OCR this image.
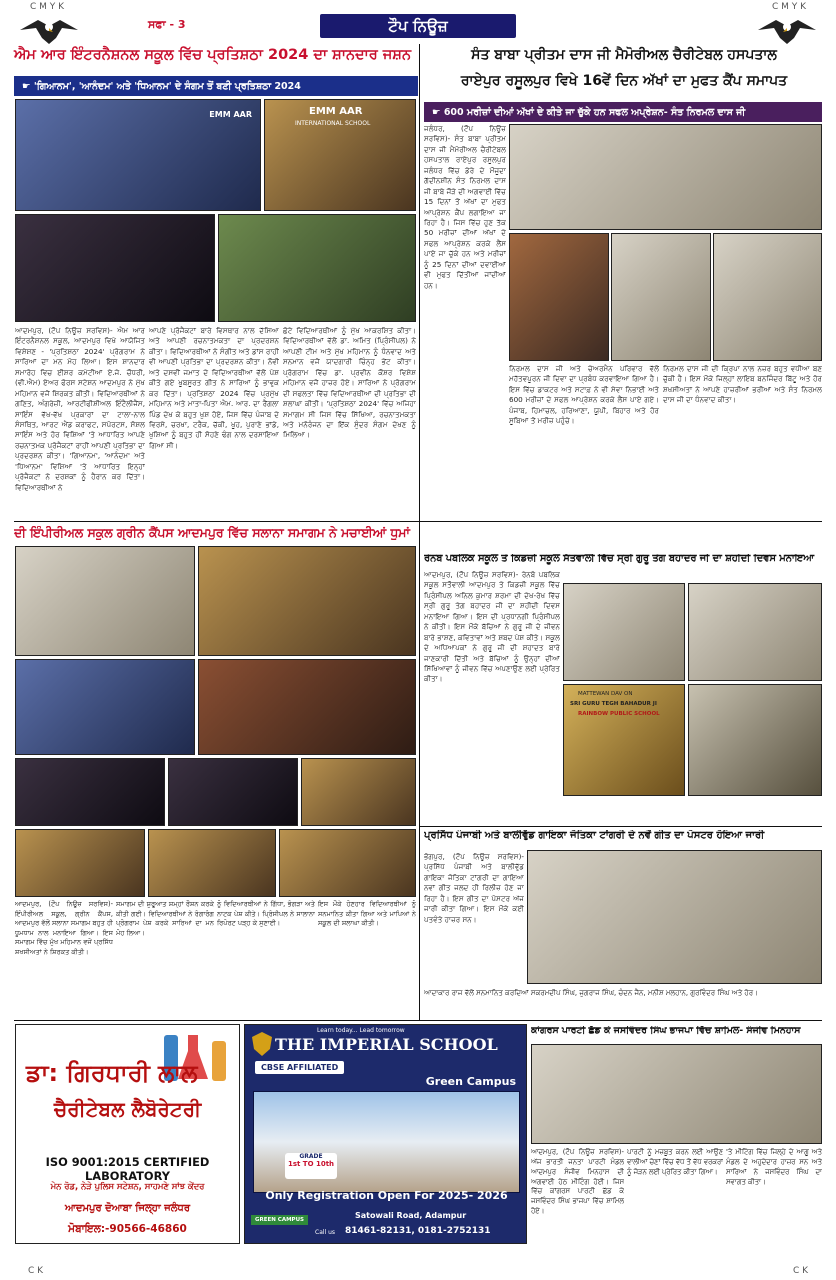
C M Y K	C M Y K
ਸਫਾ - 3	ਟੌਪ ਨਿਊਜ਼
ਐਮ ਆਰ ਇੰਟਰਨੈਸ਼ਨਲ ਸਕੂਲ ਵਿੱਚ ਪ੍ਰਤਿਸ਼ਠਾ 2024 ਦਾ ਸ਼ਾਨਦਾਰ ਜਸ਼ਨ
☛ 'ਗਿਆਨਮ', 'ਆਨੰਦਮ' ਅਤੇ 'ਧਿਆਨਮ' ਦੇ ਸੰਗਮ ਤੋਂ ਬਣੀ ਪ੍ਰਤਿਸ਼ਠਾ 2024
EMM AAR	EMM AAR
INTERNATIONAL SCHOOL
ਆਦਮਪੁਰ, (ਟੌਪ ਨਿਊਜ਼ ਸਰਵਿਸ)- ਐਮ ਆਰ ਇੰਟਰਨੈਸ਼ਨਲ ਸਕੂਲ, ਆਦਮਪੁਰ ਵਿਖੇ ਆਯੋਜਿਤ ਵਿਸ਼ੇਸ਼ਣ - 'ਪ੍ਰਤਿਸ਼ਠਾ 2024' ਪ੍ਰੋਗਰਾਮ ਨੇ ਸਾਰਿਆਂ ਦਾ ਮਨ ਮੋਹ ਲਿਆ। ਇਸ ਸ਼ਾਨਦਾਰ ਸਮਾਰੋਹ ਵਿਚ ਈਸ਼ਰ ਕਮੇਟੀਆਂ ਏ.ਜੇ. ਚੌਧਰੀ, (ਵੀ.ਐਮ) ਏਅਰ ਫੋਰਸ ਸਟੇਸ਼ਨ ਆਦਮਪੁਰ ਨੇ ਮੁੱਖ ਮਹਿਮਾਨ ਵਜੋਂ ਸ਼ਿਰਕਤ ਕੀਤੀ। ਵਿਦਿਆਰਥੀਆਂ ਨੇ ਗਣਿਤ, ਅੰਗਰੇਜ਼ੀ, ਆਰਟੀਫੀਸ਼ੀਅਲ ਇੰਟੈਲੀਜੈਂਸ, ਸਾਇੰਸ ਵੱਖ-ਵੱਖ ਪ੍ਰਕਾਰਾਂ ਦਾ ਟਾਲਾ-ਨਾਲ ਸੰਸਥਿਤ, ਆਰਟ ਐਂਡ ਕਰਾਫਟ, ਸਪੋਰਟਸ, ਸੋਸ਼ਲ ਸਾਇੰਸ ਅਤੇ ਹੋਰ ਵਿਸ਼ਿਆਂ 'ਤੇ ਆਧਾਰਿਤ ਆਪਣੇ ਰਚਨਾਤਮਕ ਪ੍ਰੋਜੈਕਟਾਂ ਰਾਹੀਂ ਆਪਣੀ ਪ੍ਰਤਿਭਾ ਦਾ ਪ੍ਰਦਰਸ਼ਨ ਕੀਤਾ। 'ਗਿਆਨਮ', 'ਆਨੰਦਮ' ਅਤੇ 'ਧਿਆਨਮ' ਵਿਸ਼ਿਆਂ 'ਤੇ ਆਧਾਰਿਤ ਇਨ੍ਹਾਂ ਪ੍ਰੋਜੈਕਟਾਂ ਨੇ ਦਰਸ਼ਕਾਂ ਨੂੰ ਹੈਰਾਨ ਕਰ ਦਿੱਤਾ। ਵਿਦਿਆਰਥੀਆਂ ਨੇ
ਆਪਣੇ ਪ੍ਰੋਜੈਕਟਾਂ ਬਾਰੇ ਵਿਸਥਾਰ ਨਾਲ ਦੱਸਿਆ ਅਤੇ ਆਪਣੀ ਰਚਨਾਤਮਕਤਾ ਦਾ ਪ੍ਰਦਰਸ਼ਨ ਕੀਤਾ। ਵਿਦਿਆਰਥੀਆਂ ਨੇ ਸੰਗੀਤ ਅਤੇ ਡਾਂਸ ਰਾਹੀਂ ਵੀ ਆਪਣੀ ਪ੍ਰਤਿਭਾ ਦਾ ਪ੍ਰਦਰਸ਼ਨ ਕੀਤਾ। ਨੌਵੀਂ ਅਤੇ ਦਸਵੀਂ ਜਮਾਤ ਦੇ ਵਿਦਿਆਰਥੀਆਂ ਵੱਲੋਂ ਪੇਸ਼ ਕੀਤੇ ਗਏ ਖੂਬਸੂਰਤ ਗੀਤ ਨੇ ਸਾਰਿਆਂ ਨੂੰ ਭਾਵੁਕ ਕਰ ਦਿੱਤਾ। ਪ੍ਰਤਿਸ਼ਠਾ 2024 ਵਿੱਚ ਪ੍ਰਮੁੱਖ ਮਹਿਮਾਨ ਅਤੇ ਮਾਤਾ-ਪਿਤਾ ਐਮ. ਆਰ. ਦਾ ਰੈਂਗਲਾ ਪਿੰਡ ਦੇਖ ਕੇ ਬਹੁਤ ਖੁਸ਼ ਹੋਏ, ਜਿਸ ਵਿੱਚ ਪੰਜਾਬ ਦੇ ਵਿਰਸੇ, ਚਰਖਾ, ਟਰੈਕ, ਚੱਕੀ, ਖੂਹ, ਪੁਰਾਣੇ ਭਾਂਡੇ, ਖੁਸ਼ਿਆਂ ਨੂੰ ਬਹੁਤ ਹੀ ਸੋਹਣੇ ਢੰਗ ਨਾਲ ਦਰਸਾਇਆ ਗਿਆ ਸੀ।
ਛੋਟੇ ਵਿਦਿਆਰਥੀਆਂ ਨੂੰ ਮੁੱਖ ਆਕਰਸ਼ਿਤ ਕੀਤਾ। ਵਿਦਿਆਰਥੀਆਂ ਵੱਲੋਂ ਡਾ. ਅਮਿਤ (ਪ੍ਰਿੰਸੀਪਲ) ਨੇ ਆਪਣੀ ਟੀਮ ਅਤੇ ਮੁੱਖ ਮਹਿਮਾਨ ਨੂੰ ਧੰਨਵਾਦ ਅਤੇ ਸਨਮਾਨ ਵਜੋਂ ਯਾਦਗਾਰੀ ਚਿੰਨ੍ਹ ਭੇਂਟ ਕੀਤਾ। ਪ੍ਰੋਗਰਾਮ ਵਿੱਚ ਡਾ. ਪ੍ਰਵੀਨ ਕੌਸ਼ਰ ਵਿਸ਼ੇਸ਼ ਮਹਿਮਾਨ ਵਜੋਂ ਹਾਜ਼ਰ ਹੋਏ। ਸਾਰਿਆਂ ਨੇ ਪ੍ਰੋਗਰਾਮ ਦੀ ਸਫਲਤਾ ਵਿੱਚ ਵਿਦਿਆਰਥੀਆਂ ਦੀ ਪ੍ਰਤਿਭਾ ਦੀ ਸ਼ਲਾਘਾ ਕੀਤੀ। 'ਪ੍ਰਤਿਸ਼ਠਾ 2024' ਵਿੱਚ ਅਜਿਹਾ ਸਮਾਗਮ ਸੀ ਜਿਸ ਵਿੱਚ ਸਿੱਖਿਆ, ਰਚਨਾਤਮਕਤਾ ਅਤੇ ਮਨੋਰੰਜਨ ਦਾ ਇੱਕ ਸੁੰਦਰ ਸੰਗਮ ਦੇਖਣ ਨੂੰ ਮਿਲਿਆ।
ਸੰਤ ਬਾਬਾ ਪ੍ਰੀਤਮ ਦਾਸ ਜੀ ਮੈਮੋਰੀਅਲ ਚੈਰੀਟੇਬਲ ਹਸਪਤਾਲ
ਰਾਏਪੁਰ ਰਸੂਲਪੁਰ ਵਿਖੇ 16ਵੇਂ ਦਿਨ ਅੱਖਾਂ ਦਾ ਮੁਫਤ ਕੈਂਪ ਸਮਾਪਤ
☛ 600 ਮਰੀਜ਼ਾਂ ਦੀਆਂ ਅੱਖਾਂ ਦੇ ਕੀਤੇ ਜਾ ਚੁੱਕੇ ਹਨ ਸਫਲ ਅਪ੍ਰੇਸ਼ਨ- ਸੰਤ ਨਿਰਮਲ ਦਾਸ ਜੀ
ਜਲੰਧਰ, (ਟੌਪ ਨਿਊਜ਼ ਸਰਵਿਸ)- ਸੰਤ ਬਾਬਾ ਪ੍ਰੀਤਮ ਦਾਸ ਜੀ ਮੈਮੋਰੀਅਲ ਚੈਰੀਟੇਬਲ ਹਸਪਤਾਲ ਰਾਏਪੁਰ ਰਸੂਲਪੁਰ ਜਲੰਧਰ ਵਿੱਚ ਡੇਰੇ ਦੇ ਮੌਜੂਦਾ ਗੱਦੀਨਸ਼ੀਨ ਸੰਤ ਨਿਰਮਲ ਦਾਸ ਜੀ ਬਾਬੇ ਜੌੜੇ ਦੀ ਅਗਵਾਈ ਵਿੱਚ 15 ਦਿਨਾਂ ਤੋਂ ਅੱਖਾਂ ਦਾ ਮੁਫਤ ਆਪ੍ਰੇਸ਼ਨ ਕੈਂਪ ਲਗਾਇਆ ਜਾ ਰਿਹਾ ਹੈ। ਜਿਸ ਵਿੱਚ ਹੁਣ ਤੱਕ 50 ਮਰੀਜ਼ਾਂ ਦੀਆਂ ਅੱਖਾਂ ਦੇ ਸਫਲ ਆਪ੍ਰੇਸ਼ਨ ਕਰਕੇ ਲੈਂਸ ਪਾਏ ਜਾ ਚੁੱਕੇ ਹਨ ਅਤੇ ਮਰੀਜ਼ਾਂ ਨੂੰ 25 ਦਿਨਾਂ ਦੀਆਂ ਦਵਾਈਆਂ ਵੀ ਮੁਫਤ ਦਿੱਤੀਆਂ ਜਾਂਦੀਆਂ ਹਨ।
ਨਿਰਮਲ ਦਾਸ ਜੀ ਅਤੇ ਚੇਅਰਮੈਨ ਪਰਿਵਾਰ ਵੱਲੋਂ ਮਹੱਤਵਪੂਰਨ ਜੀ ਦਿਵਾ ਦਾ ਪ੍ਰਬੰਧ ਕਰਵਾਇਆ ਗਿਆ ਹੈ। ਇਸ ਵਿੱਚ ਡਾਕਟਰ ਅਤੇ ਸਟਾਫ਼ ਨੇ ਵੀ ਸੇਵਾ ਨਿਭਾਈ ਅਤੇ 600 ਮਰੀਜ਼ਾਂ ਦੇ ਸਫਲ ਆਪ੍ਰੇਸ਼ਨ ਕਰਕੇ ਲੈਂਸ ਪਾਏ ਗਏ। ਪੰਜਾਬ, ਹਿਮਾਚਲ, ਹਰਿਆਣਾ, ਯੂਪੀ, ਬਿਹਾਰ ਅਤੇ ਹੋਰ ਸੂਬਿਆਂ ਤੋਂ ਮਰੀਜ਼ ਪਹੁੰਚੇ।
ਨਿਰਮਲ ਦਾਸ ਜੀ ਦੀ ਕ੍ਰਿਪਾ ਨਾਲ ਨਜ਼ਰ ਬਹੁਤ ਵਧੀਆ ਬਣ ਚੁੱਕੀ ਹੈ। ਇਸ ਮੌਕੇ ਜਿਲ੍ਹਾਂ ਲਾਇਬ ਬਨਜਿੰਦਰ ਬਿੱਟੂ ਅਤੇ ਹੋਰ ਸ਼ਖਸੀਅਤਾਂ ਨੇ ਆਪਣੇ ਹਾਜ਼ਰੀਆਂ ਭਰੀਆਂ ਅਤੇ ਸੰਤ ਨਿਰਮਲ ਦਾਸ ਜੀ ਦਾ ਧੰਨਵਾਦ ਕੀਤਾ।
ਦੀ ਇੰਪੀਰੀਅਲ ਸਕੂਲ ਗ੍ਰੀਨ ਕੈਂਪਸ ਆਦਮਪੁਰ ਵਿੱਚ ਸਲਾਨਾ ਸਮਾਗਮ ਨੇ ਮਚਾਈਆਂ ਧੂਮਾਂ
ਆਦਮਪੁਰ, (ਟੌਪ ਨਿਊਜ਼ ਸਰਵਿਸ)- ਇੰਪੀਰੀਅਲ ਸਕੂਲ, ਗ੍ਰੀਨ ਕੈਂਪਸ, ਆਦਮਪੁਰ ਵੱਲੋਂ ਸਲਾਨਾ ਸਮਾਗਮ ਬਹੁਤ ਹੀ ਧੂਮਧਾਮ ਨਾਲ ਮਨਾਇਆ ਗਿਆ। ਇਸ ਸਮਾਗਮ ਵਿੱਚ ਮੁੱਖ ਮਹਿਮਾਨ ਵਜੋਂ ਪ੍ਰਸਿੱਧ ਸ਼ਖਸੀਅਤਾਂ ਨੇ ਸ਼ਿਰਕਤ ਕੀਤੀ।
ਸਮਾਗਮ ਦੀ ਸ਼ੁਰੂਆਤ ਸ਼ਮ੍ਹਾਂ ਰੌਸ਼ਨ ਕਰਕੇ ਕੀਤੀ ਗਈ। ਵਿਦਿਆਰਥੀਆਂ ਨੇ ਰੰਗਾਰੰਗ ਪ੍ਰੋਗਰਾਮ ਪੇਸ਼ ਕਰਕੇ ਸਾਰਿਆਂ ਦਾ ਮਨ ਮੋਹ ਲਿਆ।
ਨੂੰ ਵਿਦਿਆਰਥੀਆਂ ਨੇ ਗਿੱਧਾ, ਭੰਗੜਾ ਅਤੇ ਨਾਟਕ ਪੇਸ਼ ਕੀਤੇ। ਪ੍ਰਿੰਸੀਪਲ ਨੇ ਸਾਲਾਨਾ ਰਿਪੋਰਟ ਪੜ੍ਹ ਕੇ ਸੁਣਾਈ।
ਇਸ ਮੌਕੇ ਹੋਣਹਾਰ ਵਿਦਿਆਰਥੀਆਂ ਨੂੰ ਸਨਮਾਨਿਤ ਕੀਤਾ ਗਿਆ ਅਤੇ ਮਾਪਿਆਂ ਨੇ ਸਕੂਲ ਦੀ ਸ਼ਲਾਘਾ ਕੀਤੀ।
ਰੇਨਬੋ ਪਬਲਿਕ ਸਕੂਲ ਤੇ ਕਿਡਜ਼ੀ ਸਕੂਲ ਸੱਤੋਵਾਲੀ ਵਿੱਚ ਸ੍ਰੀ ਗੁਰੂ ਤੇਗ ਬਹਾਦਰ ਜੀ ਦਾ ਸ਼ਹੀਦੀ ਦਿਵਸ ਮਨਾਇਆ
ਆਦਮਪੁਰ, (ਟੌਪ ਨਿਊਜ਼ ਸਰਵਿਸ)- ਰੇਨਬੋ ਪਬਲਿਕ ਸਕੂਲ ਸਤੌਵਾਲੀ ਆਦਮਪੁਰ ਤੇ ਕਿਡਜ਼ੀ ਸਕੂਲ ਵਿੱਚ ਪ੍ਰਿੰਸੀਪਲ ਅਨਿਲ ਕੁਮਾਰ ਸ਼ਰਮਾ ਦੀ ਦੇਖ-ਰੇਖ ਵਿੱਚ ਸ੍ਰੀ ਗੁਰੂ ਤੇਗ ਬਹਾਦਰ ਜੀ ਦਾ ਸ਼ਹੀਦੀ ਦਿਵਸ ਮਨਾਇਆ ਗਿਆ। ਇਸ ਦੀ ਪ੍ਰਧਾਨਗੀ ਪ੍ਰਿੰਸੀਪਲ ਨੇ ਕੀਤੀ। ਇਸ ਮੌਕੇ ਬੱਚਿਆਂ ਨੇ ਗੁਰੂ ਜੀ ਦੇ ਜੀਵਨ ਬਾਰੇ ਭਾਸ਼ਣ, ਕਵਿਤਾਵਾਂ ਅਤੇ ਸ਼ਬਦ ਪੇਸ਼ ਕੀਤੇ। ਸਕੂਲ ਦੇ ਅਧਿਆਪਕਾਂ ਨੇ ਗੁਰੂ ਜੀ ਦੀ ਸ਼ਹਾਦਤ ਬਾਰੇ ਜਾਣਕਾਰੀ ਦਿੱਤੀ ਅਤੇ ਬੱਚਿਆਂ ਨੂੰ ਉਨ੍ਹਾਂ ਦੀਆਂ ਸਿੱਖਿਆਵਾਂ ਨੂੰ ਜੀਵਨ ਵਿੱਚ ਅਪਣਾਉਣ ਲਈ ਪ੍ਰੇਰਿਤ ਕੀਤਾ।
MATTEWAN DAV ON
SRI GURU TEGH BAHADUR JI
RAINBOW PUBLIC SCHOOL
ਪ੍ਰਸਿੱਧ ਪੰਜਾਬੀ ਅਤੇ ਬਾਲੀਵੁੱਡ ਗਾਇਕਾ ਜੋਤਿਕਾ ਟਾਂਗਰੀ ਦੇ ਨਵੇਂ ਗੀਤ ਦਾ ਪੋਸਟਰ ਹੋਇਆ ਜਾਰੀ
ਭੋਗਪੁਰ, (ਟੌਪ ਨਿਊਜ਼ ਸਰਵਿਸ)- ਪ੍ਰਸਿੱਧ ਪੰਜਾਬੀ ਅਤੇ ਬਾਲੀਵੁੱਡ ਗਾਇਕਾ ਜੋਤਿਕਾ ਟਾਂਗਰੀ ਦਾ ਗਾਇਆ ਨਵਾਂ ਗੀਤ ਜਲਦ ਹੀ ਰਿਲੀਜ਼ ਹੋਣ ਜਾ ਰਿਹਾ ਹੈ। ਇਸ ਗੀਤ ਦਾ ਪੋਸਟਰ ਅੱਜ ਜਾਰੀ ਕੀਤਾ ਗਿਆ। ਇਸ ਮੌਕੇ ਕਈ ਪਤਵੰਤੇ ਹਾਜ਼ਰ ਸਨ।
ਆਦਾਕਾਰ ਰਾਜ ਵੱਲੋਂ ਸਨਮਾਨਿਤ ਕਰਦਿਆਂ ਸਕਰਮਦੀਪ ਸਿੰਘ, ਜੁਗਰਾਜ ਸਿੰਘ, ਚੰਦਨ ਜੈਨ, ਮਨੀਸ਼ ਮਲਹਾਨ, ਗੁਰਵਿੰਦਰ ਸਿੰਘ ਅਤੇ ਹੋਰ।
ਡਾ: ਗਿਰਧਾਰੀ ਲਾਲ
ਚੈਰੀਟੇਬਲ ਲੈਬੋਰੇਟਰੀ
ISO 9001:2015 CERTIFIED LABORATORY
ਮੇਨ ਰੋਡ, ਨੇੜੇ ਪੁਲਿਸ ਸਟੇਸ਼ਨ, ਸਾਹਮਣੇ ਸਾਂਝ ਕੇਂਦਰ
ਆਦਮਪੁਰ ਦੋਆਬਾ ਜਿਲ੍ਹਾ ਜਲੰਧਰ
ਮੋਬਾਇਲ:-90566-46860
Learn today... Lead tomorrow
THE IMPERIAL SCHOOL
CBSE AFFILIATED
Green Campus
GRADE
1st TO 10th
Only Registration Open For 2025- 2026
GREEN CAMPUS	Satowali Road, Adampur
Call us 81461-82131, 0181-2752131
ਕਾਂਗਰਸ ਪਾਰਟੀ ਛੱਡ ਕੇ ਜਸਵਿੰਦਰ ਸਿੰਘ ਭਾਜਪਾ ਵਿੱਚ ਸ਼ਾਮਿਲ- ਸੰਜੀਵ ਮਿਨਹਾਸ
ਆਦਮਪੁਰ, (ਟੌਪ ਨਿਊਜ਼ ਸਰਵਿਸ)- ਅੱਜ ਭਾਰਤੀ ਜਨਤਾ ਪਾਰਟੀ ਮੰਡਲ ਆਦਮਪੁਰ ਸੰਜੀਵ ਮਿਨਹਾਸ ਦੀ ਅਗਵਾਈ ਹੇਠ ਮੀਟਿੰਗ ਹੋਈ। ਜਿਸ ਵਿੱਚ ਕਾਂਗਰਸ ਪਾਰਟੀ ਛੱਡ ਕੇ ਜਸਵਿੰਦਰ ਸਿੰਘ ਭਾਜਪਾ ਵਿੱਚ ਸ਼ਾਮਿਲ ਹੋਏ।
ਪਾਰਟੀ ਨੂੰ ਮਜ਼ਬੂਤ ਕਰਨ ਲਈ ਆਉਣ ਵਾਲੀਆਂ ਚੋਣਾਂ ਵਿੱਚ ਵੱਧ ਤੋਂ ਵੱਧ ਵਰਕਰਾਂ ਨੂੰ ਜੋੜਨ ਲਈ ਪ੍ਰੇਰਿਤ ਕੀਤਾ ਗਿਆ।
'ਤੇ ਮੀਟਿੰਗ ਵਿੱਚ ਜਿਲ੍ਹੇ ਦੇ ਆਗੂ ਅਤੇ ਮੰਡਲ ਦੇ ਅਹੁਦੇਦਾਰ ਹਾਜ਼ਰ ਸਨ ਅਤੇ ਸਾਰਿਆਂ ਨੇ ਜਸਵਿੰਦਰ ਸਿੰਘ ਦਾ ਸਵਾਗਤ ਕੀਤਾ।
C K	C K
